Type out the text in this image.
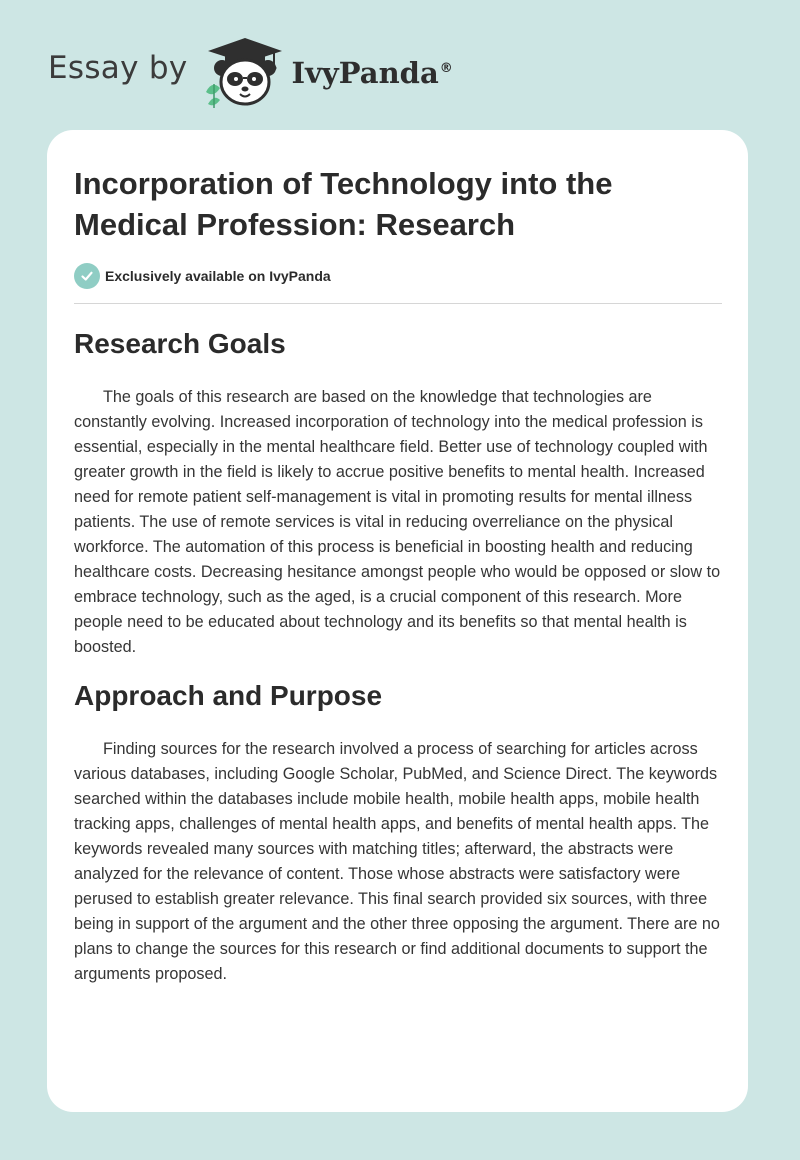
Essay by	IvyPanda®
Incorporation of Technology into the Medical Profession: Research
Exclusively available on IvyPanda
Research Goals

The goals of this research are based on the knowledge that technologies are constantly evolving. Increased incorporation of technology into the medical profession is essential, especially in the mental healthcare field. Better use of technology coupled with greater growth in the field is likely to accrue positive benefits to mental health. Increased need for remote patient self-management is vital in promoting results for mental illness patients. The use of remote services is vital in reducing overreliance on the physical workforce. The automation of this process is beneficial in boosting health and reducing healthcare costs. Decreasing hesitance amongst people who would be opposed or slow to embrace technology, such as the aged, is a crucial component of this research. More people need to be educated about technology and its benefits so that mental health is boosted.

Approach and Purpose

Finding sources for the research involved a process of searching for articles across various databases, including Google Scholar, PubMed, and Science Direct. The keywords searched within the databases include mobile health, mobile health apps, mobile health tracking apps, challenges of mental health apps, and benefits of mental health apps. The keywords revealed many sources with matching titles; afterward, the abstracts were analyzed for the relevance of content. Those whose abstracts were satisfactory were perused to establish greater relevance. This final search provided six sources, with three being in support of the argument and the other three opposing the argument. There are no plans to change the sources for this research or find additional documents to support the arguments proposed.
